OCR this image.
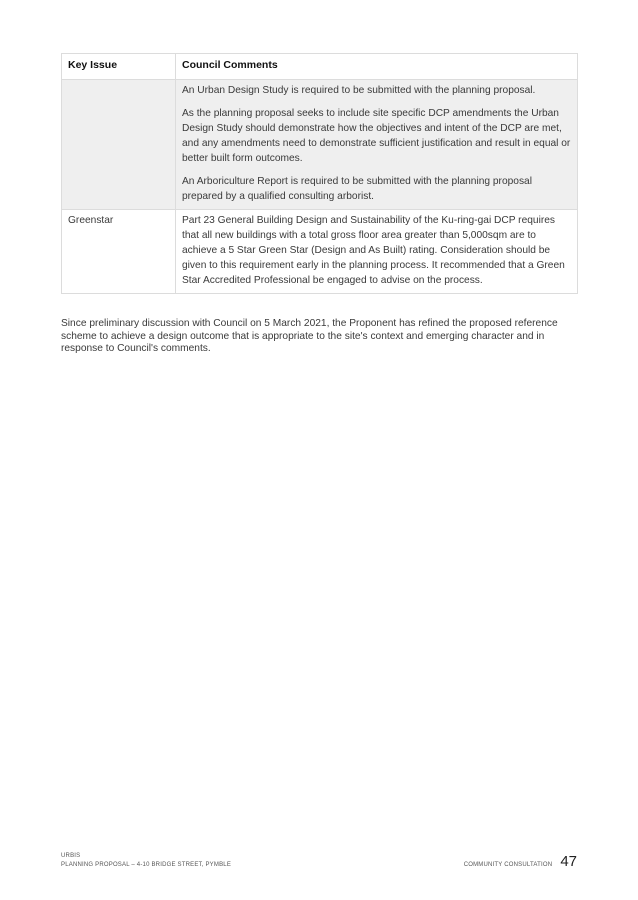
Key Issue	Council Comments

	An Urban Design Study is required to be submitted with the planning proposal.

As the planning proposal seeks to include site specific DCP amendments the Urban Design Study should demonstrate how the objectives and intent of the DCP are met, and any amendments need to demonstrate sufficient justification and result in equal or better built form outcomes.

An Arboriculture Report is required to be submitted with the planning proposal prepared by a qualified consulting arborist.

Greenstar	Part 23 General Building Design and Sustainability of the Ku-ring-gai DCP requires that all new buildings with a total gross floor area greater than 5,000sqm are to achieve a 5 Star Green Star (Design and As Built) rating. Consideration should be given to this requirement early in the planning process. It recommended that a Green Star Accredited Professional be engaged to advise on the process.

Since preliminary discussion with Council on 5 March 2021, the Proponent has refined the proposed reference scheme to achieve a design outcome that is appropriate to the site's context and emerging character and in response to Council's comments.

URBIS
PLANNING PROPOSAL – 4-10 BRIDGE STREET, PYMBLE	COMMUNITY CONSULTATION 47
